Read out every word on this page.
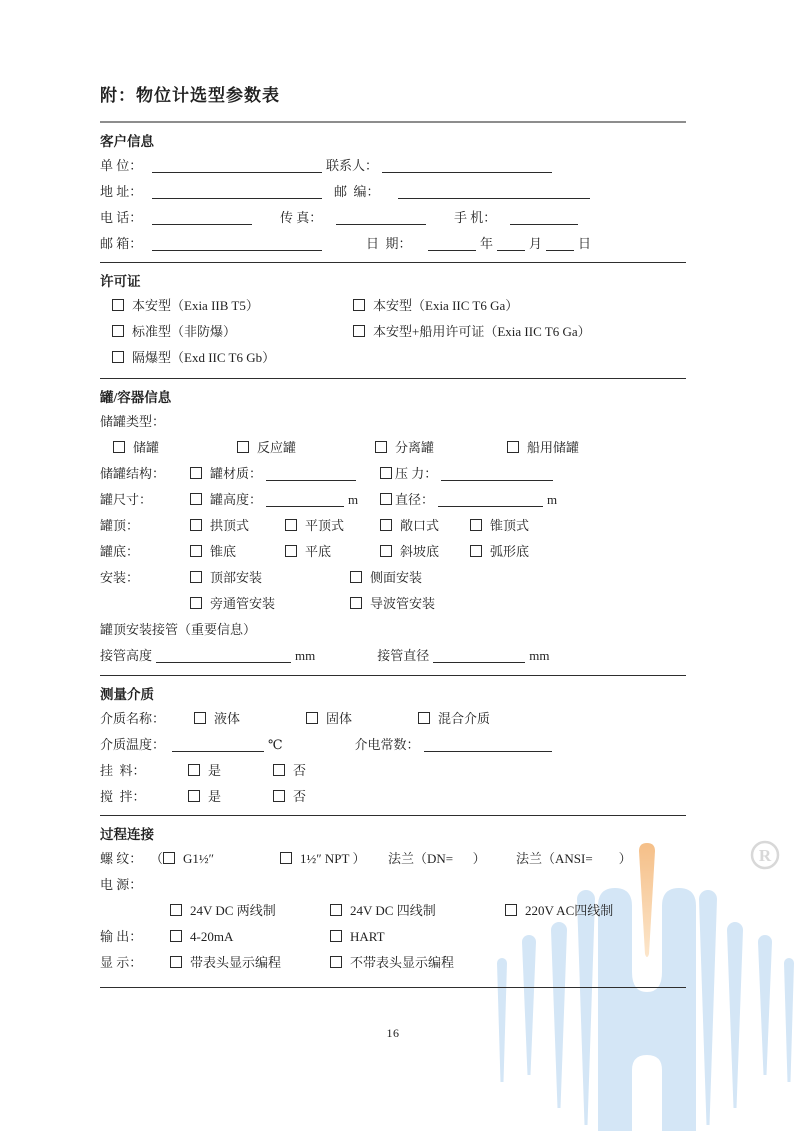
R
附：物位计选型参数表
客户信息
单 位：	联系人：
地 址：	邮  编：
电 话：	传 真：	手 机：
邮 箱：	日  期：	年	月	日
许可证
本安型（Exia IIB T5）	本安型（Exia IIC T6 Ga）
标准型（非防爆）	本安型+船用许可证（Exia IIC T6 Ga）
隔爆型（Exd IIC T6 Gb）
罐/容器信息
储罐类型：
储罐	反应罐	分离罐	船用储罐
储罐结构：	罐材质：	压 力：
罐尺寸：	罐高度：	m	直径：	m
罐顶：	拱顶式	平顶式	敞口式	锥顶式
罐底：	锥底	平底	斜坡底	弧形底
安装：	顶部安装	侧面安装
旁通管安装	导波管安装
罐顶安装接管（重要信息）
接管高度	mm	接管直径	mm
测量介质
介质名称：	液体	固体	混合介质
介质温度：	℃	介电常数：
挂  料：	是	否
搅  拌：	是	否
过程连接
螺 纹： （ G1½″	1½″ NPT ） 法兰（DN=      ） 法兰（ANSI=        ）
电 源：
24V DC 两线制	24V DC 四线制	220V AC四线制
输 出：	4-20mA	HART
显 示：	带表头显示编程	不带表头显示编程
16
